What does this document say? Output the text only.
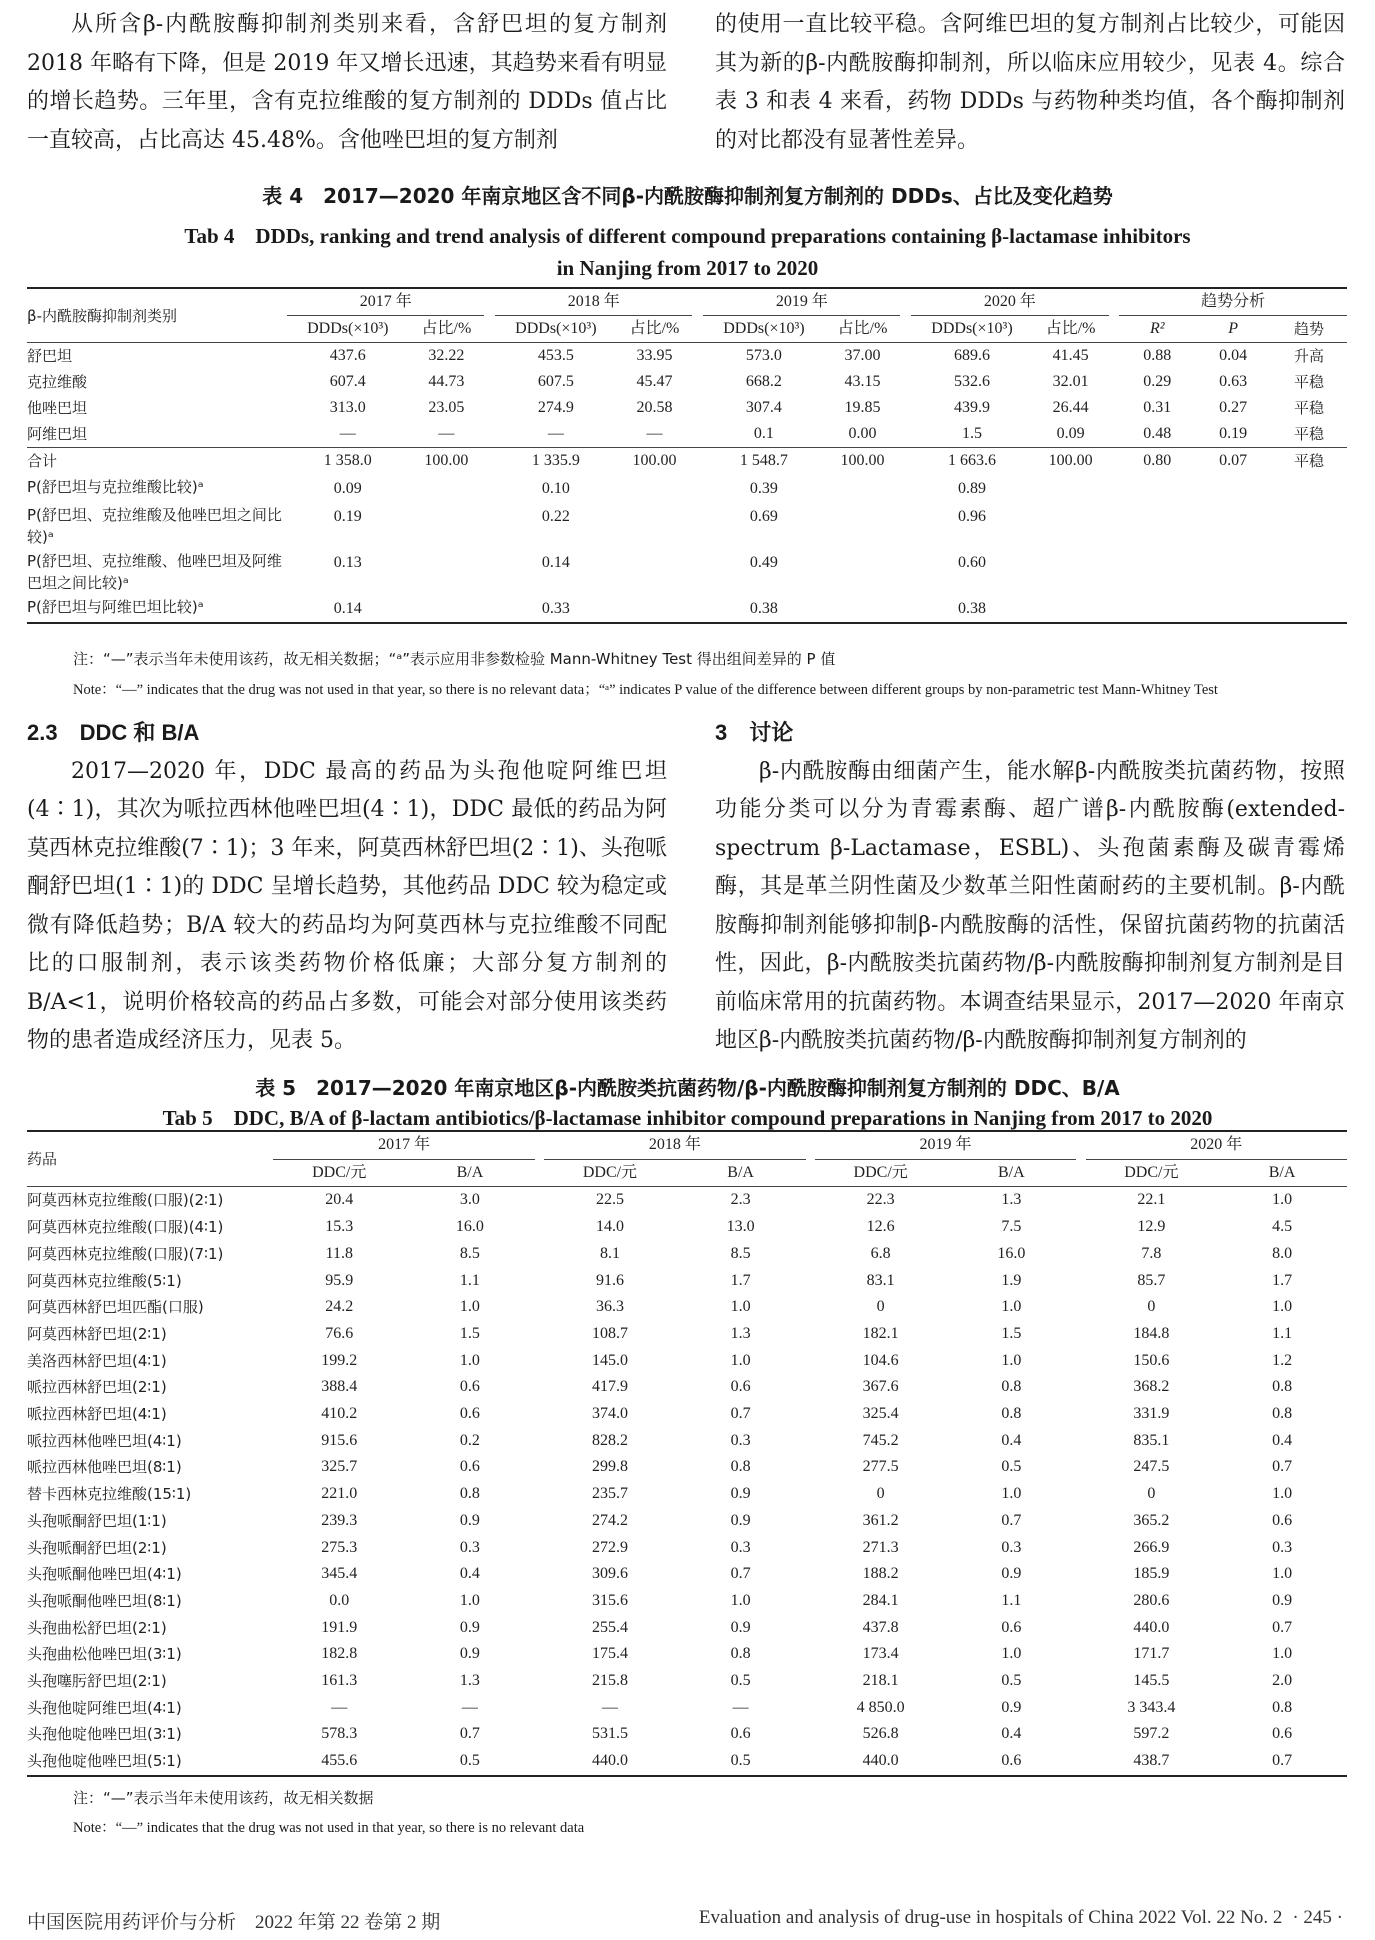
从所含β-内酰胺酶抑制剂类别来看，含舒巴坦的复方制剂 2018 年略有下降，但是 2019 年又增长迅速，其趋势来看有明显的增长趋势。三年里，含有克拉维酸的复方制剂的 DDDs 值占比一直较高，占比高达 45.48%。含他唑巴坦的复方制剂

的使用一直比较平稳。含阿维巴坦的复方制剂占比较少，可能因其为新的β-内酰胺酶抑制剂，所以临床应用较少，见表 4。综合表 3 和表 4 来看，药物 DDDs 与药物种类均值，各个酶抑制剂的对比都没有显著性差异。

表 4　2017—2020 年南京地区含不同β-内酰胺酶抑制剂复方制剂的 DDDs、占比及变化趋势
Tab 4　DDDs, ranking and trend analysis of different compound preparations containing β-lactamase inhibitors
in Nanjing from 2017 to 2020
β-内酰胺酶抑制剂类别	2017 年			2018 年			2019 年			2020 年			趋势分析		
	DDDs(×10³)	占比/%		DDDs(×10³)	占比/%		DDDs(×10³)	占比/%		DDDs(×10³)	占比/%		R²	P	趋势
舒巴坦	437.6	32.22		453.5	33.95		573.0	37.00		689.6	41.45		0.88	0.04	升高
克拉维酸	607.4	44.73		607.5	45.47		668.2	43.15		532.6	32.01		0.29	0.63	平稳
他唑巴坦	313.0	23.05		274.9	20.58		307.4	19.85		439.9	26.44		0.31	0.27	平稳
阿维巴坦	—	—		—	—		0.1	0.00		1.5	0.09		0.48	0.19	平稳
合计	1 358.0	100.00		1 335.9	100.00		1 548.7	100.00		1 663.6	100.00		0.80	0.07	平稳
P(舒巴坦与克拉维酸比较)ᵃ	0.09			0.10			0.39			0.89					
P(舒巴坦、克拉维酸及他唑巴坦之间比较)ᵃ	0.19			0.22			0.69			0.96					
P(舒巴坦、克拉维酸、他唑巴坦及阿维巴坦之间比较)ᵃ	0.13			0.14			0.49			0.60					
P(舒巴坦与阿维巴坦比较)ᵃ	0.14			0.33			0.38			0.38					
注：“—”表示当年未使用该药，故无相关数据；“ᵃ”表示应用非参数检验 Mann-Whitney Test 得出组间差异的 P 值
Note：“—” indicates that the drug was not used in that year, so there is no relevant data；“ᵃ” indicates P value of the difference between different groups by non-parametric test Mann-Whitney Test

2.3　DDC 和 B/A

2017—2020 年，DDC 最高的药品为头孢他啶阿维巴坦(4∶1)，其次为哌拉西林他唑巴坦(4∶1)，DDC 最低的药品为阿莫西林克拉维酸(7∶1)；3 年来，阿莫西林舒巴坦(2∶1)、头孢哌酮舒巴坦(1∶1)的 DDC 呈增长趋势，其他药品 DDC 较为稳定或微有降低趋势；B/A 较大的药品均为阿莫西林与克拉维酸不同配比的口服制剂，表示该类药物价格低廉；大部分复方制剂的 B/A<1，说明价格较高的药品占多数，可能会对部分使用该类药物的患者造成经济压力，见表 5。

3　讨论

β-内酰胺酶由细菌产生，能水解β-内酰胺类抗菌药物，按照功能分类可以分为青霉素酶、超广谱β-内酰胺酶(extended-spectrum β-Lactamase，ESBL)、头孢菌素酶及碳青霉烯酶，其是革兰阴性菌及少数革兰阳性菌耐药的主要机制。β-内酰胺酶抑制剂能够抑制β-内酰胺酶的活性，保留抗菌药物的抗菌活性，因此，β-内酰胺类抗菌药物/β-内酰胺酶抑制剂复方制剂是目前临床常用的抗菌药物。本调查结果显示，2017—2020 年南京地区β-内酰胺类抗菌药物/β-内酰胺酶抑制剂复方制剂的

表 5　2017—2020 年南京地区β-内酰胺类抗菌药物/β-内酰胺酶抑制剂复方制剂的 DDC、B/A
Tab 5　DDC, B/A of β-lactam antibiotics/β-lactamase inhibitor compound preparations in Nanjing from 2017 to 2020
药品	2017 年			2018 年			2019 年			2020 年	
	DDC/元	B/A		DDC/元	B/A		DDC/元	B/A		DDC/元	B/A
阿莫西林克拉维酸(口服)(2∶1)	20.4	3.0		22.5	2.3		22.3	1.3		22.1	1.0
阿莫西林克拉维酸(口服)(4∶1)	15.3	16.0		14.0	13.0		12.6	7.5		12.9	4.5
阿莫西林克拉维酸(口服)(7∶1)	11.8	8.5		8.1	8.5		6.8	16.0		7.8	8.0
阿莫西林克拉维酸(5∶1)	95.9	1.1		91.6	1.7		83.1	1.9		85.7	1.7
阿莫西林舒巴坦匹酯(口服)	24.2	1.0		36.3	1.0		0	1.0		0	1.0
阿莫西林舒巴坦(2∶1)	76.6	1.5		108.7	1.3		182.1	1.5		184.8	1.1
美洛西林舒巴坦(4∶1)	199.2	1.0		145.0	1.0		104.6	1.0		150.6	1.2
哌拉西林舒巴坦(2∶1)	388.4	0.6		417.9	0.6		367.6	0.8		368.2	0.8
哌拉西林舒巴坦(4∶1)	410.2	0.6		374.0	0.7		325.4	0.8		331.9	0.8
哌拉西林他唑巴坦(4∶1)	915.6	0.2		828.2	0.3		745.2	0.4		835.1	0.4
哌拉西林他唑巴坦(8∶1)	325.7	0.6		299.8	0.8		277.5	0.5		247.5	0.7
替卡西林克拉维酸(15∶1)	221.0	0.8		235.7	0.9		0	1.0		0	1.0
头孢哌酮舒巴坦(1∶1)	239.3	0.9		274.2	0.9		361.2	0.7		365.2	0.6
头孢哌酮舒巴坦(2∶1)	275.3	0.3		272.9	0.3		271.3	0.3		266.9	0.3
头孢哌酮他唑巴坦(4∶1)	345.4	0.4		309.6	0.7		188.2	0.9		185.9	1.0
头孢哌酮他唑巴坦(8∶1)	0.0	1.0		315.6	1.0		284.1	1.1		280.6	0.9
头孢曲松舒巴坦(2∶1)	191.9	0.9		255.4	0.9		437.8	0.6		440.0	0.7
头孢曲松他唑巴坦(3∶1)	182.8	0.9		175.4	0.8		173.4	1.0		171.7	1.0
头孢噻肟舒巴坦(2∶1)	161.3	1.3		215.8	0.5		218.1	0.5		145.5	2.0
头孢他啶阿维巴坦(4∶1)	—	—		—	—		4 850.0	0.9		3 343.4	0.8
头孢他啶他唑巴坦(3∶1)	578.3	0.7		531.5	0.6		526.8	0.4		597.2	0.6
头孢他啶他唑巴坦(5∶1)	455.6	0.5		440.0	0.5		440.0	0.6		438.7	0.7
注：“—”表示当年未使用该药，故无相关数据
Note：“—” indicates that the drug was not used in that year, so there is no relevant data
中国医院用药评价与分析　2022 年第 22 卷第 2 期	Evaluation and analysis of drug-use in hospitals of China 2022 Vol. 22 No. 2 · 245 ·
